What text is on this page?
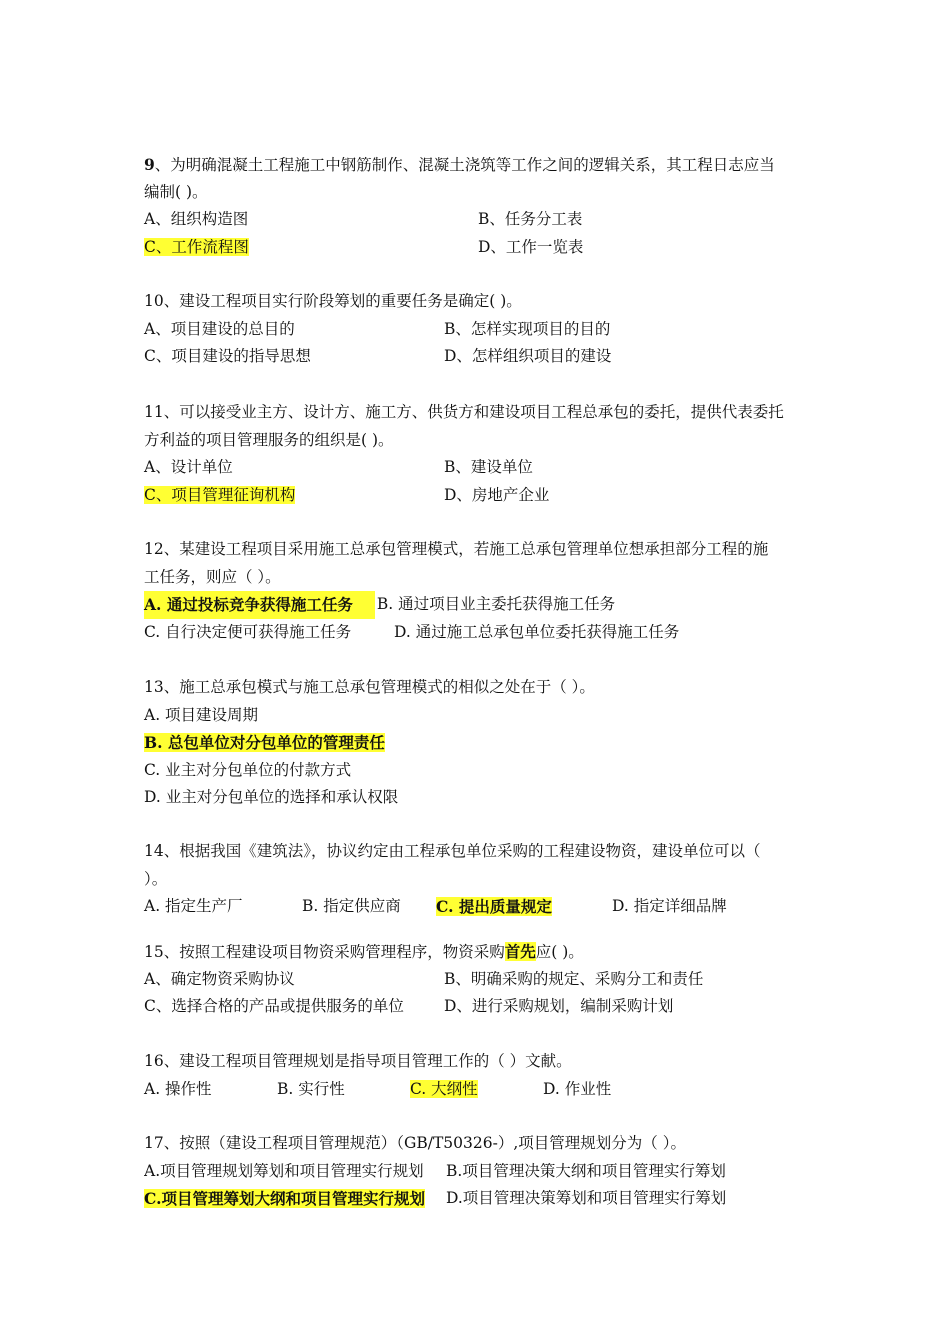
9、为明确混凝土工程施工中钢筋制作、混凝土浇筑等工作之间的逻辑关系，其工程日志应当
编制( )。
A、组织构造图	B、任务分工表
C、工作流程图	D、工作一览表
10、建设工程项目实行阶段筹划的重要任务是确定( )。
A、项目建设的总目的	B、怎样实现项目的目的
C、项目建设的指导思想	D、怎样组织项目的建设
11、可以接受业主方、设计方、施工方、供货方和建设项目工程总承包的委托，提供代表委托
方利益的项目管理服务的组织是( )。
A、设计单位	B、建设单位
C、项目管理征询机构	D、房地产企业
12、某建设工程项目采用施工总承包管理模式，若施工总承包管理单位想承担部分工程的施
工任务，则应（ ）。
A. 通过投标竞争获得施工任务	B. 通过项目业主委托获得施工任务
C. 自行决定便可获得施工任务	D. 通过施工总承包单位委托获得施工任务
13、施工总承包模式与施工总承包管理模式的相似之处在于（ ）。
A. 项目建设周期
B. 总包单位对分包单位的管理责任
C. 业主对分包单位的付款方式
D. 业主对分包单位的选择和承认权限
14、根据我国《建筑法》，协议约定由工程承包单位采购的工程建设物资，建设单位可以（
）。
A. 指定生产厂	B. 指定供应商	C. 提出质量规定	D. 指定详细品牌
15、按照工程建设项目物资采购管理程序，物资采购首先应( )。
A、确定物资采购协议	B、明确采购的规定、采购分工和责任
C、选择合格的产品或提供服务的单位	D、进行采购规划，编制采购计划
16、建设工程项目管理规划是指导项目管理工作的（ ）文献。
A. 操作性	B. 实行性	C. 大纲性	D. 作业性
17、按照（建设工程项目管理规范）（GB/T50326-）,项目管理规划分为（ ）。
A.项目管理规划筹划和项目管理实行规划	B.项目管理决策大纲和项目管理实行筹划
C.项目管理筹划大纲和项目管理实行规划	D.项目管理决策筹划和项目管理实行筹划
